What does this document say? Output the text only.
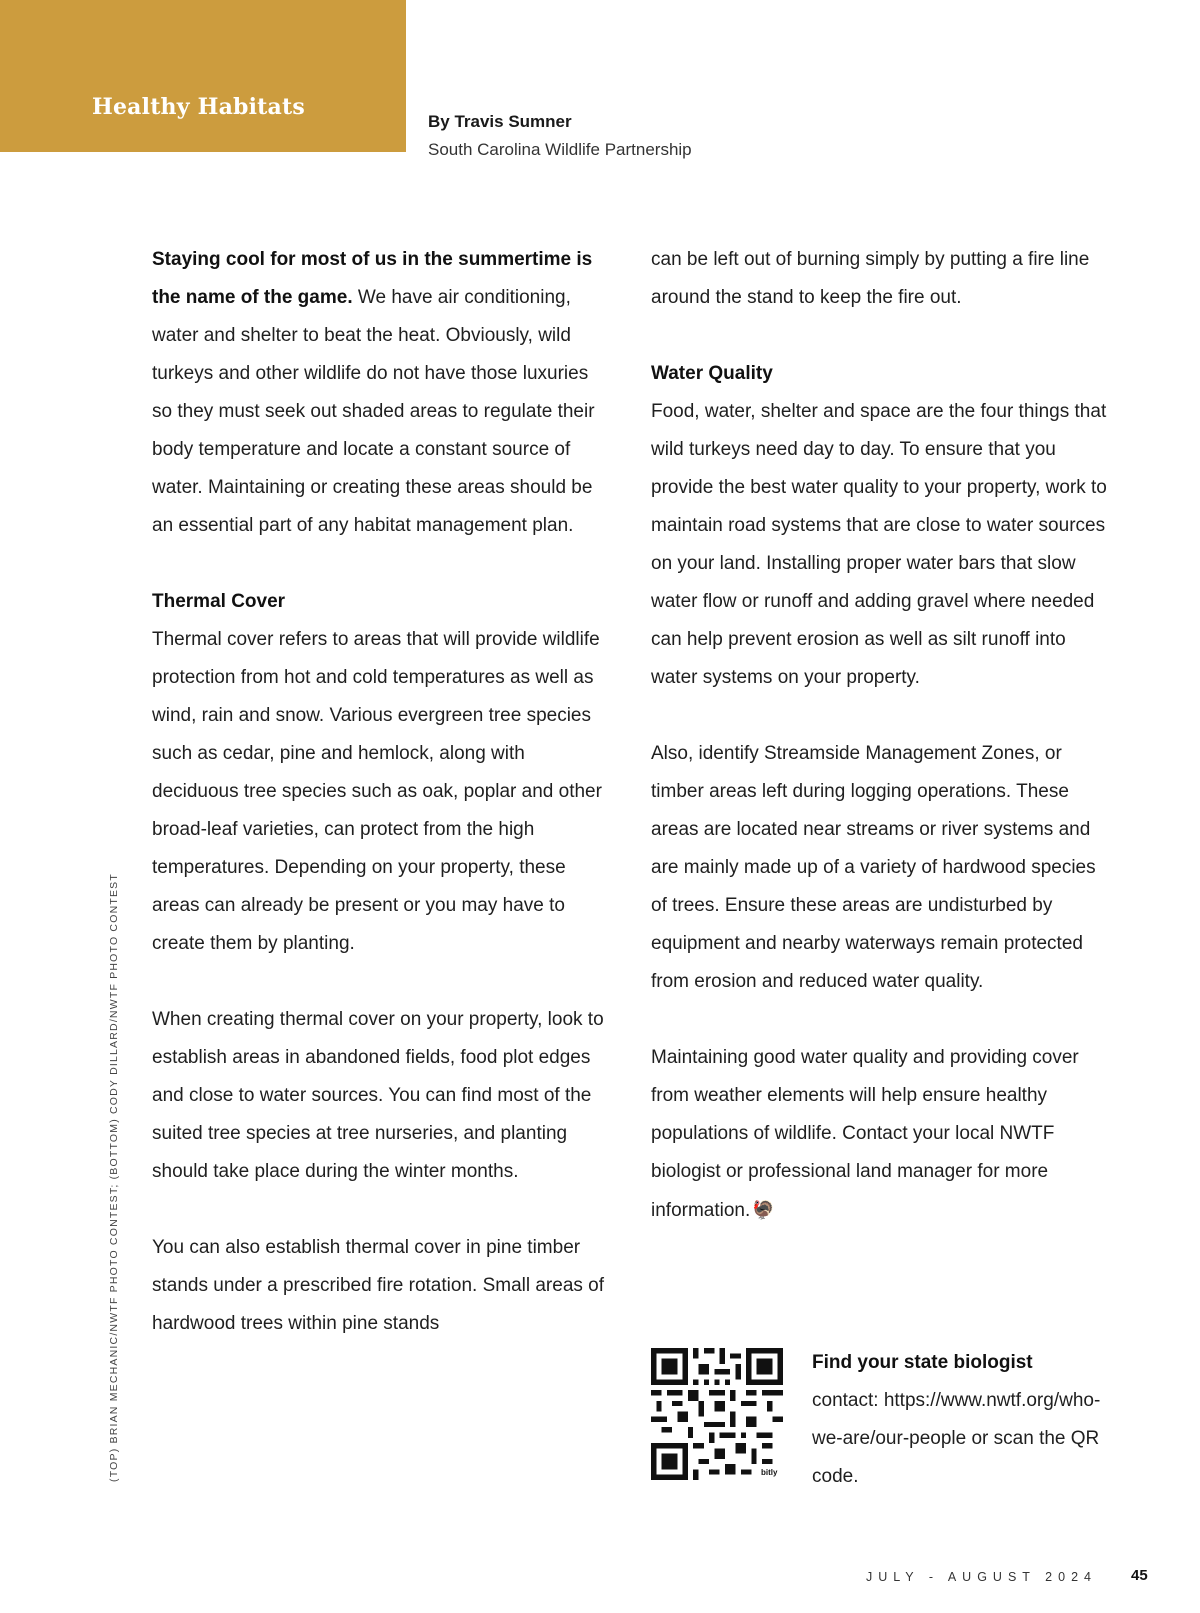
Healthy Habitats
By Travis Sumner
South Carolina Wildlife Partnership

Staying cool for most of us in the summertime is the name of the game. We have air conditioning, water and shelter to beat the heat. Obviously, wild turkeys and other wildlife do not have those luxuries so they must seek out shaded areas to regulate their body temperature and locate a constant source of water. Maintaining or creating these areas should be an essential part of any habitat management plan.

Thermal Cover

Thermal cover refers to areas that will provide wildlife protection from hot and cold temperatures as well as wind, rain and snow. Various evergreen tree species such as cedar, pine and hemlock, along with deciduous tree species such as oak, poplar and other broad-leaf varieties, can protect from the high temperatures. Depending on your property, these areas can already be present or you may have to create them by planting.

When creating thermal cover on your property, look to establish areas in abandoned fields, food plot edges and close to water sources. You can find most of the suited tree species at tree nurseries, and planting should take place during the winter months.

You can also establish thermal cover in pine timber stands under a prescribed fire rotation. Small areas of hardwood trees within pine stands

can be left out of burning simply by putting a fire line around the stand to keep the fire out.

Water Quality

Food, water, shelter and space are the four things that wild turkeys need day to day. To ensure that you provide the best water quality to your property, work to maintain road systems that are close to water sources on your land. Installing proper water bars that slow water flow or runoff and adding gravel where needed can help prevent erosion as well as silt runoff into water systems on your property.

Also, identify Streamside Management Zones, or timber areas left during logging operations. These areas are located near streams or river systems and are mainly made up of a variety of hardwood species of trees. Ensure these areas are undisturbed by equipment and nearby waterways remain protected from erosion and reduced water quality.

Maintaining good water quality and providing cover from weather elements will help ensure healthy populations of wildlife. Contact your local NWTF biologist or professional land manager for more information. 🦃

bitly
Find your state biologist
contact: https://www.nwtf.org/who-we-are/our-people or scan the QR code.
(TOP) BRIAN MECHANIC/NWTF PHOTO CONTEST; (BOTTOM) CODY DILLARD/NWTF PHOTO CONTEST
JULY - AUGUST 2024 45
